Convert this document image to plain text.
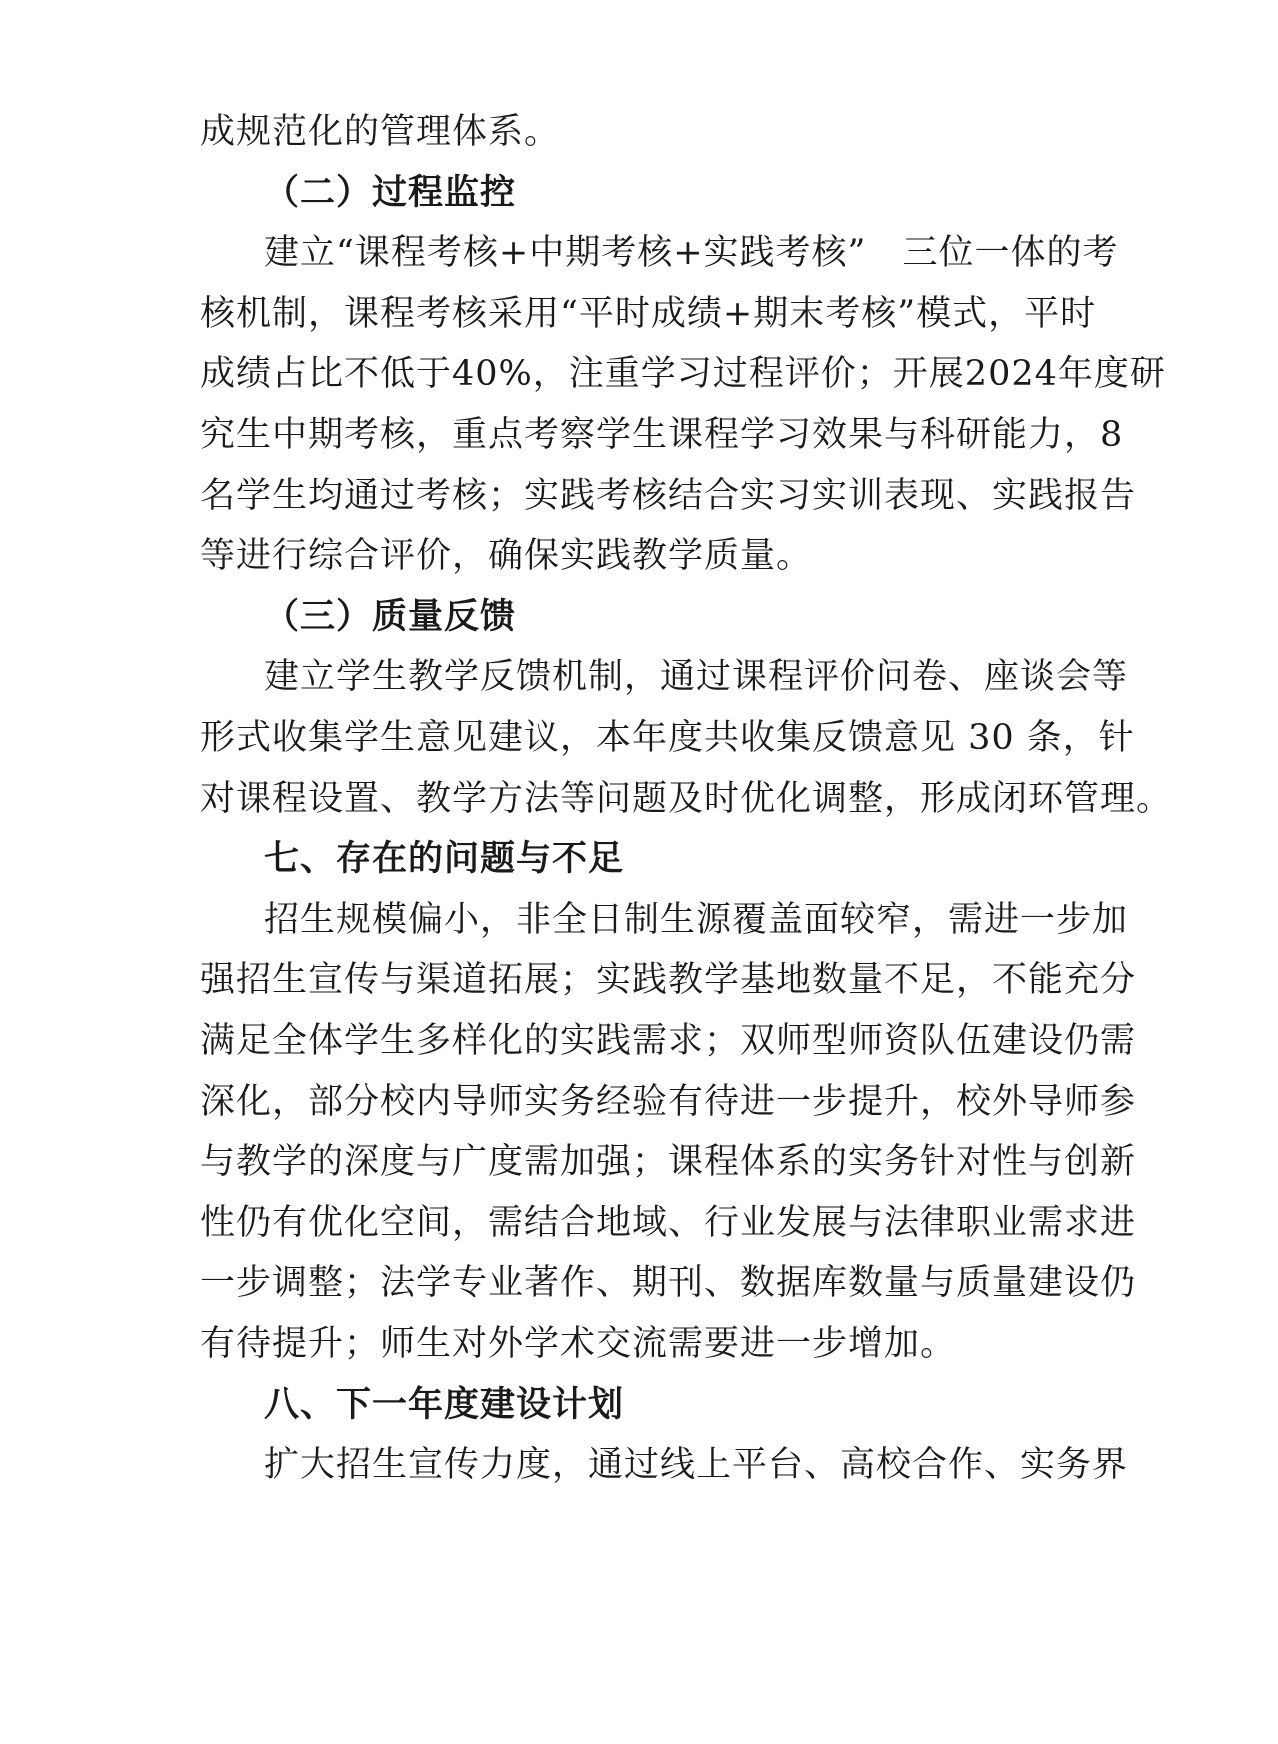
成规范化的管理体系。
（二）过程监控
建立“课程考核+中期考核+实践考核”　三位一体的考
核机制，课程考核采用“平时成绩+期末考核”模式，平时
成绩占比不低于40%，注重学习过程评价；开展2024年度研
究生中期考核，重点考察学生课程学习效果与科研能力，8
名学生均通过考核；实践考核结合实习实训表现、实践报告
等进行综合评价，确保实践教学质量。
（三）质量反馈
建立学生教学反馈机制，通过课程评价问卷、座谈会等
形式收集学生意见建议，本年度共收集反馈意见 30 条，针
对课程设置、教学方法等问题及时优化调整，形成闭环管理。
七、存在的问题与不足
招生规模偏小，非全日制生源覆盖面较窄，需进一步加
强招生宣传与渠道拓展；实践教学基地数量不足，不能充分
满足全体学生多样化的实践需求；双师型师资队伍建设仍需
深化，部分校内导师实务经验有待进一步提升，校外导师参
与教学的深度与广度需加强；课程体系的实务针对性与创新
性仍有优化空间，需结合地域、行业发展与法律职业需求进
一步调整；法学专业著作、期刊、数据库数量与质量建设仍
有待提升；师生对外学术交流需要进一步增加。
八、下一年度建设计划
扩大招生宣传力度，通过线上平台、高校合作、实务界
